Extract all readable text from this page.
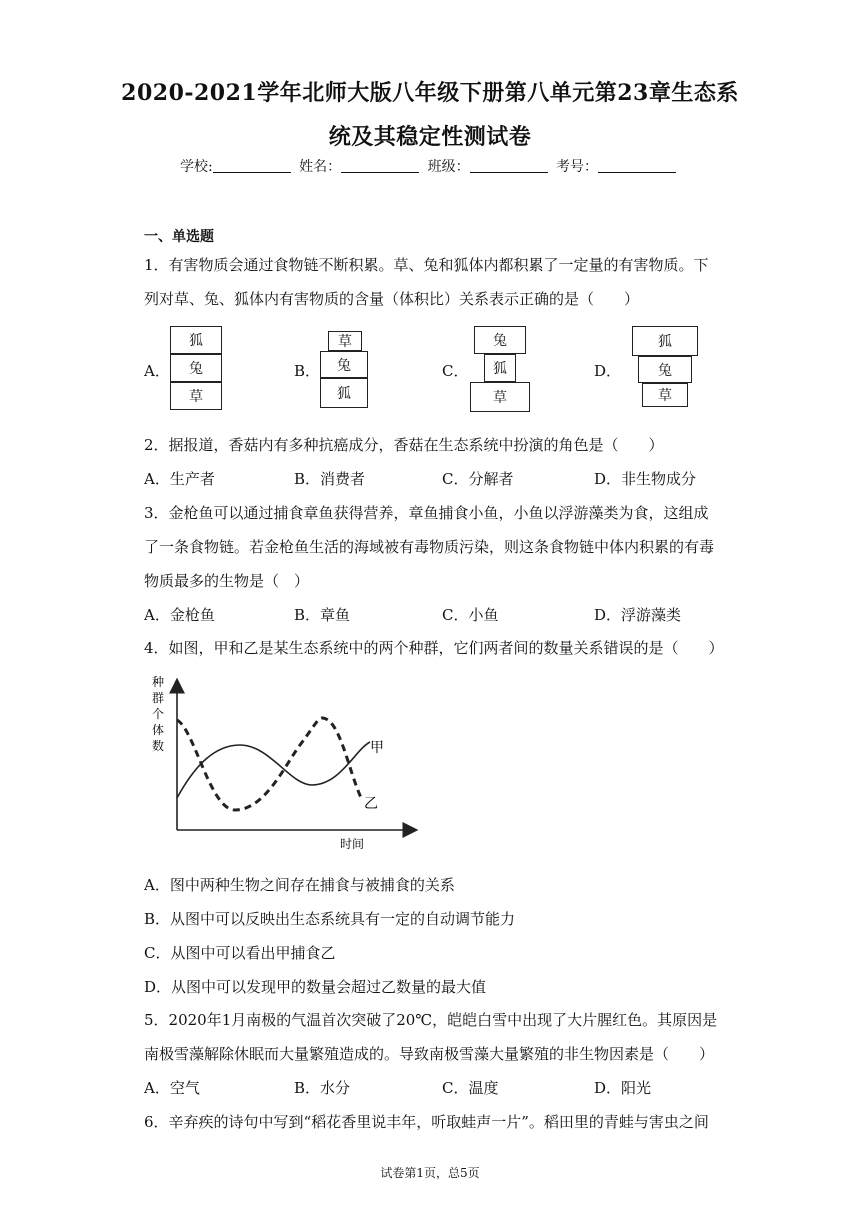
2020-2021学年北师大版八年级下册第八单元第23章生态系
统及其稳定性测试卷
学校:	姓名：	班级：	考号：
一、单选题
1．有害物质会通过食物链不断积累。草、兔和狐体内都积累了一定量的有害物质。下
列对草、兔、狐体内有害物质的含量（体积比）关系表示正确的是（　　）
A．
狐
兔
草
B．
草
兔
狐
C．
兔
狐
草
D．
狐
兔
草
2．据报道，香菇内有多种抗癌成分，香菇在生态系统中扮演的角色是（　　）
A．生产者	B．消费者	C．分解者	D．非生物成分
3．金枪鱼可以通过捕食章鱼获得营养，章鱼捕食小鱼，小鱼以浮游藻类为食，这组成
了一条食物链。若金枪鱼生活的海域被有毒物质污染，则这条食物链中体内积累的有毒
物质最多的生物是（　）
A．金枪鱼	B．章鱼	C．小鱼	D．浮游藻类
4．如图，甲和乙是某生态系统中的两个种群，它们两者间的数量关系错误的是（　　）
甲
乙
时间
种
群
个
体
数
A．图中两种生物之间存在捕食与被捕食的关系
B．从图中可以反映出生态系统具有一定的自动调节能力
C．从图中可以看出甲捕食乙
D．从图中可以发现甲的数量会超过乙数量的最大值
5．2020年1月南极的气温首次突破了20℃，皑皑白雪中出现了大片腥红色。其原因是
南极雪藻解除休眠而大量繁殖造成的。导致南极雪藻大量繁殖的非生物因素是（　　）
A．空气	B．水分	C．温度	D．阳光
6．辛弃疾的诗句中写到“稻花香里说丰年，听取蛙声一片”。稻田里的青蛙与害虫之间
试卷第1页，总5页
